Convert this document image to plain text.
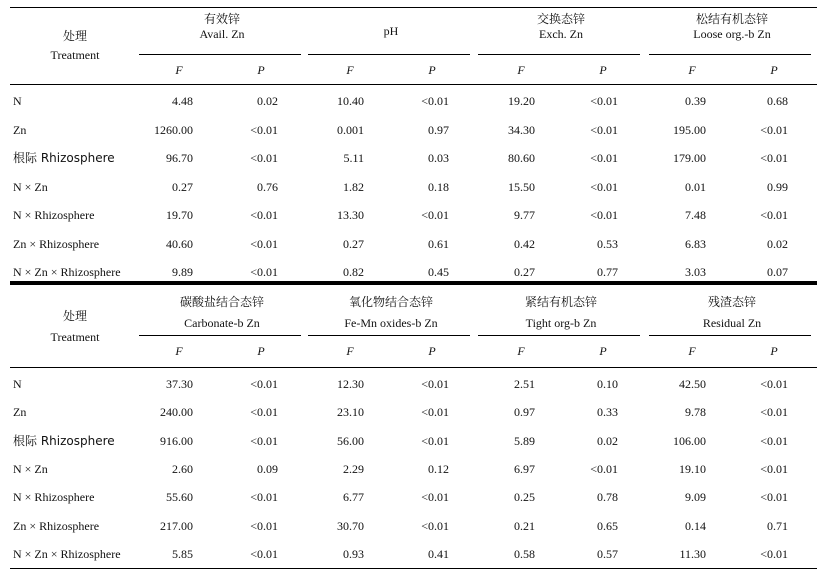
处理
Treatment
有效锌
Avail. Zn
F	P
pH
F	P
交换态锌
Exch. Zn
F	P
松结有机态锌
Loose org.-b Zn
F	P
N	4.48	0.02	10.40	<0.01	19.20	<0.01	0.39	0.68
Zn	1260.00	<0.01	0.001	0.97	34.30	<0.01	195.00	<0.01
根际 Rhizosphere	96.70	<0.01	5.11	0.03	80.60	<0.01	179.00	<0.01
N × Zn	0.27	0.76	1.82	0.18	15.50	<0.01	0.01	0.99
N × Rhizosphere	19.70	<0.01	13.30	<0.01	9.77	<0.01	7.48	<0.01
Zn × Rhizosphere	40.60	<0.01	0.27	0.61	0.42	0.53	6.83	0.02
N × Zn × Rhizosphere	9.89	<0.01	0.82	0.45	0.27	0.77	3.03	0.07
处理
Treatment
碳酸盐结合态锌
Carbonate-b Zn
F	P
氧化物结合态锌
Fe-Mn oxides-b Zn
F	P
紧结有机态锌
Tight org-b Zn
F	P
残渣态锌
Residual Zn
F	P
N	37.30	<0.01	12.30	<0.01	2.51	0.10	42.50	<0.01
Zn	240.00	<0.01	23.10	<0.01	0.97	0.33	9.78	<0.01
根际 Rhizosphere	916.00	<0.01	56.00	<0.01	5.89	0.02	106.00	<0.01
N × Zn	2.60	0.09	2.29	0.12	6.97	<0.01	19.10	<0.01
N × Rhizosphere	55.60	<0.01	6.77	<0.01	0.25	0.78	9.09	<0.01
Zn × Rhizosphere	217.00	<0.01	30.70	<0.01	0.21	0.65	0.14	0.71
N × Zn × Rhizosphere	5.85	<0.01	0.93	0.41	0.58	0.57	11.30	<0.01
